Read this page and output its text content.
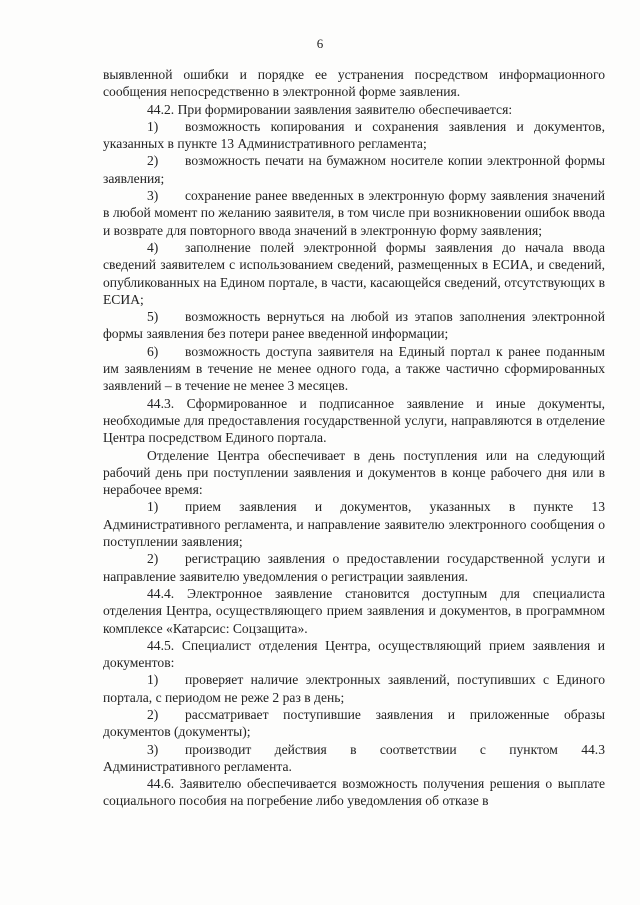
6

выявленной ошибки и порядке ее устранения посредством информационного сообщения непосредственно в электронной форме заявления.

44.2. При формировании заявления заявителю обеспечивается:

1) возможность копирования и сохранения заявления и документов, указанных в пункте 13 Административного регламента;

2) возможность печати на бумажном носителе копии электронной формы заявления;

3) сохранение ранее введенных в электронную форму заявления значений в любой момент по желанию заявителя, в том числе при возникновении ошибок ввода и возврате для повторного ввода значений в электронную форму заявления;

4) заполнение полей электронной формы заявления до начала ввода сведений заявителем с использованием сведений, размещенных в ЕСИА, и сведений, опубликованных на Едином портале, в части, касающейся сведений, отсутствующих в ЕСИА;

5) возможность вернуться на любой из этапов заполнения электронной формы заявления без потери ранее введенной информации;

6) возможность доступа заявителя на Единый портал к ранее поданным им заявлениям в течение не менее одного года, а также частично сформированных заявлений – в течение не менее 3 месяцев.

44.3. Сформированное и подписанное заявление и иные документы, необходимые для предоставления государственной услуги, направляются в отделение Центра посредством Единого портала.

Отделение Центра обеспечивает в день поступления или на следующий рабочий день при поступлении заявления и документов в конце рабочего дня или в нерабочее время:

1) прием заявления и документов, указанных в пункте 13 Административного регламента, и направление заявителю электронного сообщения о поступлении заявления;

2) регистрацию заявления о предоставлении государственной услуги и направление заявителю уведомления о регистрации заявления.

44.4. Электронное заявление становится доступным для специалиста отделения Центра, осуществляющего прием заявления и документов, в программном комплексе «Катарсис: Соцзащита».

44.5. Специалист отделения Центра, осуществляющий прием заявления и документов:

1) проверяет наличие электронных заявлений, поступивших с Единого портала, с периодом не реже 2 раз в день;

2) рассматривает поступившие заявления и приложенные образы документов (документы);

3) производит действия в соответствии с пунктом 44.3 Административного регламента.

44.6. Заявителю обеспечивается возможность получения решения о выплате социального пособия на погребение либо уведомления об отказе в
